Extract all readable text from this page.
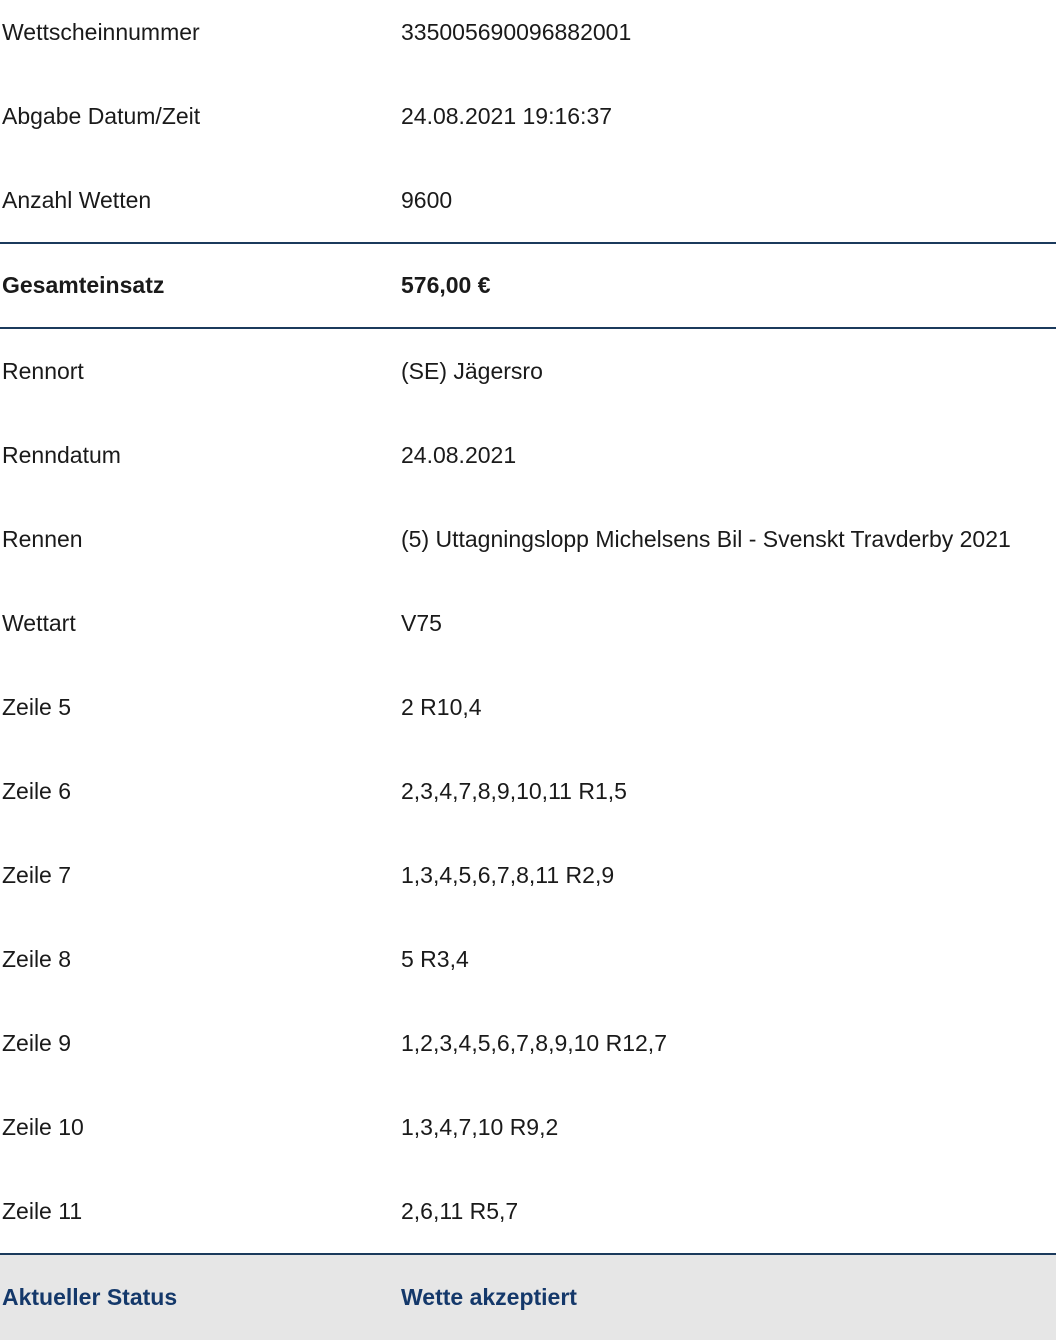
Wettscheinnummer	335005690096882001
Abgabe Datum/Zeit	24.08.2021 19:16:37
Anzahl Wetten	9600
Gesamteinsatz	576,00 €
Rennort	(SE) Jägersro
Renndatum	24.08.2021
Rennen	(5) Uttagningslopp Michelsens Bil - Svenskt Travderby 2021
Wettart	V75
Zeile 5	2 R10,4
Zeile 6	2,3,4,7,8,9,10,11 R1,5
Zeile 7	1,3,4,5,6,7,8,11 R2,9
Zeile 8	5 R3,4
Zeile 9	1,2,3,4,5,6,7,8,9,10 R12,7
Zeile 10	1,3,4,7,10 R9,2
Zeile 11	2,6,11 R5,7
Aktueller Status	Wette akzeptiert
